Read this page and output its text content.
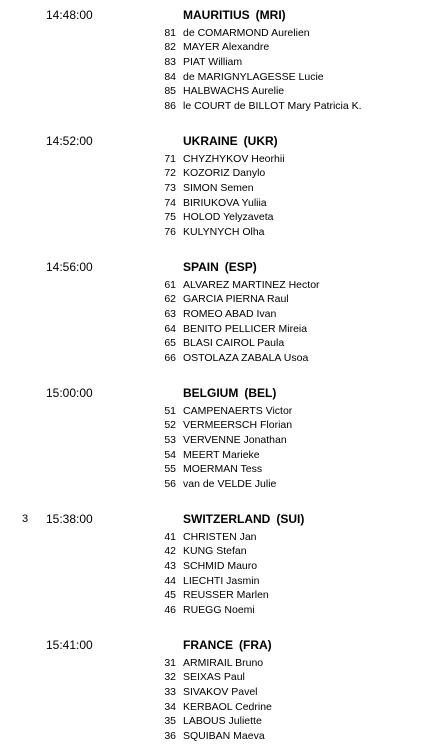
14:48:00	MAURITIUS (MRI)
81 de COMARMOND Aurelien
82 MAYER Alexandre
83 PIAT William
84 de MARIGNYLAGESSE Lucie
85 HALBWACHS Aurelie
86 le COURT de BILLOT Mary Patricia K.
14:52:00	UKRAINE (UKR)
71 CHYZHYKOV Heorhii
72 KOZORIZ Danylo
73 SIMON Semen
74 BIRIUKOVA Yuliia
75 HOLOD Yelyzaveta
76 KULYNYCH Olha
14:56:00	SPAIN (ESP)
61 ALVAREZ MARTINEZ Hector
62 GARCIA PIERNA Raul
63 ROMEO ABAD Ivan
64 BENITO PELLICER Mireia
65 BLASI CAIROL Paula
66 OSTOLAZA ZABALA Usoa
15:00:00	BELGIUM (BEL)
51 CAMPENAERTS Victor
52 VERMEERSCH Florian
53 VERVENNE Jonathan
54 MEERT Marieke
55 MOERMAN Tess
56 van de VELDE Julie
3	15:38:00	SWITZERLAND (SUI)
41 CHRISTEN Jan
42 KUNG Stefan
43 SCHMID Mauro
44 LIECHTI Jasmin
45 REUSSER Marlen
46 RUEGG Noemi
15:41:00	FRANCE (FRA)
31 ARMIRAIL Bruno
32 SEIXAS Paul
33 SIVAKOV Pavel
34 KERBAOL Cedrine
35 LABOUS Juliette
36 SQUIBAN Maeva
